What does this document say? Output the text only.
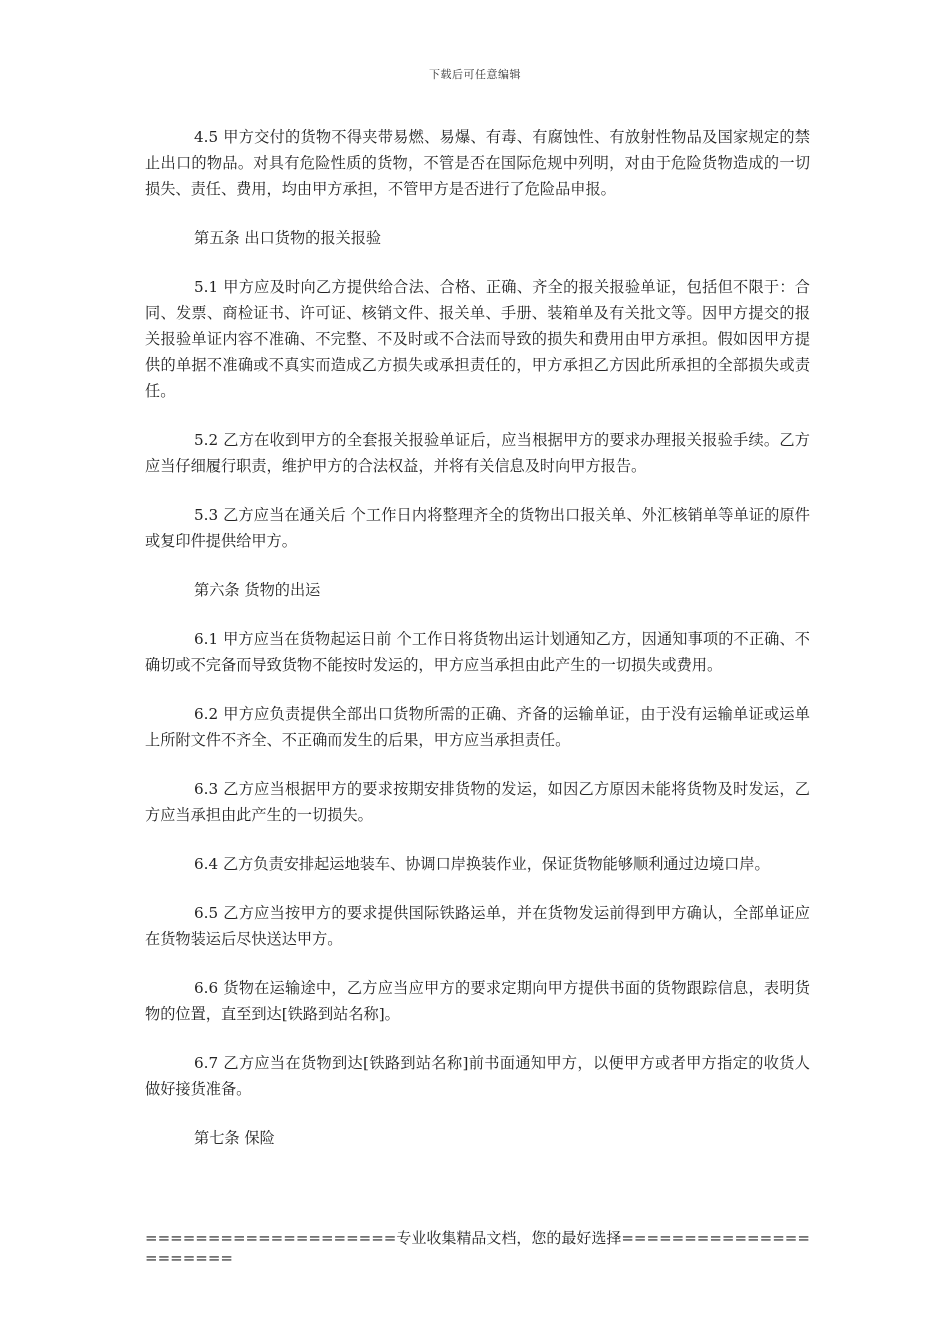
下载后可任意编辑

4.5 甲方交付的货物不得夹带易燃、易爆、有毒、有腐蚀性、有放射性物品及国家规定的禁止出口的物品。对具有危险性质的货物，不管是否在国际危规中列明，对由于危险货物造成的一切损失、责任、费用，均由甲方承担，不管甲方是否进行了危险品申报。

第五条 出口货物的报关报验

5.1 甲方应及时向乙方提供给合法、合格、正确、齐全的报关报验单证，包括但不限于：合同、发票、商检证书、许可证、核销文件、报关单、手册、装箱单及有关批文等。因甲方提交的报关报验单证内容不准确、不完整、不及时或不合法而导致的损失和费用由甲方承担。假如因甲方提供的单据不准确或不真实而造成乙方损失或承担责任的，甲方承担乙方因此所承担的全部损失或责任。

5.2 乙方在收到甲方的全套报关报验单证后，应当根据甲方的要求办理报关报验手续。乙方应当仔细履行职责，维护甲方的合法权益，并将有关信息及时向甲方报告。

5.3 乙方应当在通关后 个工作日内将整理齐全的货物出口报关单、外汇核销单等单证的原件或复印件提供给甲方。

第六条 货物的出运

6.1 甲方应当在货物起运日前 个工作日将货物出运计划通知乙方，因通知事项的不正确、不确切或不完备而导致货物不能按时发运的，甲方应当承担由此产生的一切损失或费用。

6.2 甲方应负责提供全部出口货物所需的正确、齐备的运输单证，由于没有运输单证或运单上所附文件不齐全、不正确而发生的后果，甲方应当承担责任。

6.3 乙方应当根据甲方的要求按期安排货物的发运，如因乙方原因未能将货物及时发运，乙方应当承担由此产生的一切损失。

6.4 乙方负责安排起运地装车、协调口岸换装作业，保证货物能够顺利通过边境口岸。

6.5 乙方应当按甲方的要求提供国际铁路运单，并在货物发运前得到甲方确认，全部单证应在货物装运后尽快送达甲方。

6.6 货物在运输途中，乙方应当应甲方的要求定期向甲方提供书面的货物跟踪信息，表明货物的位置，直至到达[铁路到站名称]。

6.7 乙方应当在货物到达[铁路到站名称]前书面通知甲方，以便甲方或者甲方指定的收货人做好接货准备。

第七条 保险

====================专业收集精品文档，您的最好选择======================
